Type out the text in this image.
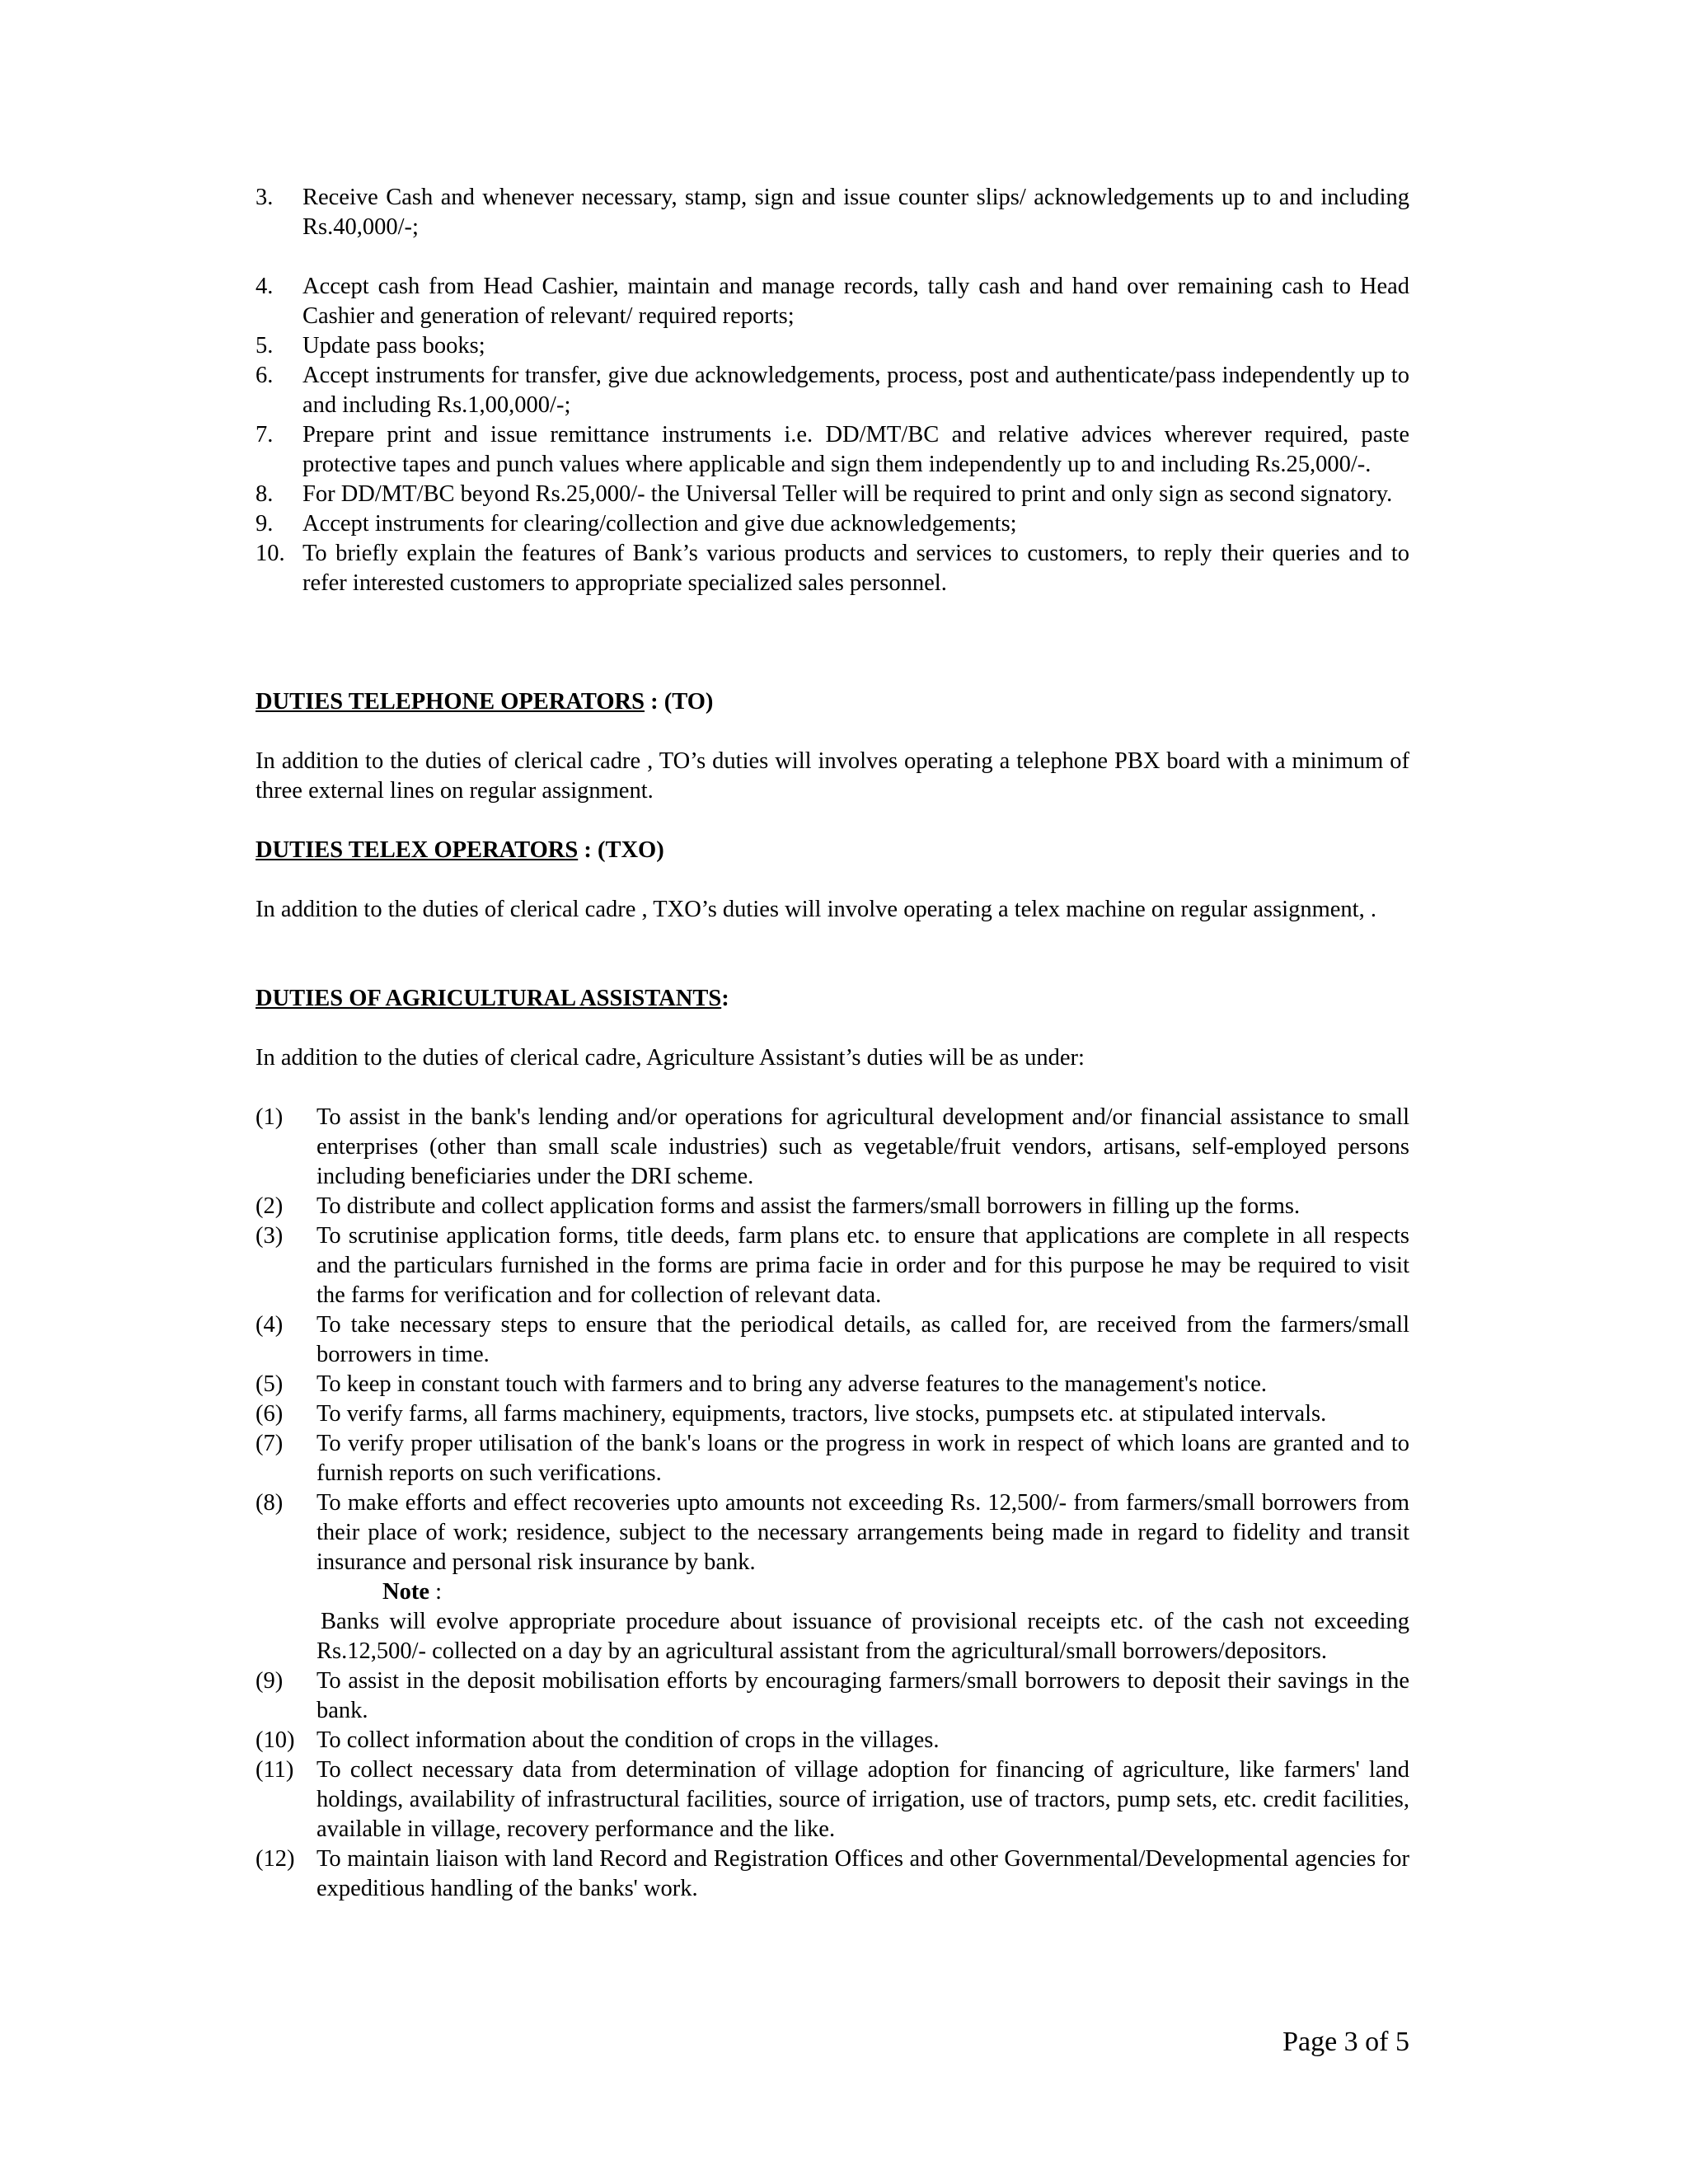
3. Receive Cash and whenever necessary, stamp, sign and issue counter slips/ acknowledgements up to and including Rs.40,000/-;
4. Accept cash from Head Cashier, maintain and manage records, tally cash and hand over remaining cash to Head Cashier and generation of relevant/ required reports;
5. Update pass books;
6. Accept instruments for transfer, give due acknowledgements, process, post and authenticate/pass independently up to and including Rs.1,00,000/-;
7. Prepare print and issue remittance instruments i.e. DD/MT/BC and relative advices wherever required, paste protective tapes and punch values where applicable and sign them independently up to and including Rs.25,000/-.
8. For DD/MT/BC beyond Rs.25,000/- the Universal Teller will be required to print and only sign as second signatory.
9. Accept instruments for clearing/collection and give due acknowledgements;
10. To briefly explain the features of Bank’s various products and services to customers, to reply their queries and to refer interested customers to appropriate specialized sales personnel.
DUTIES TELEPHONE OPERATORS : (TO)
In addition to the duties of clerical cadre , TO’s duties will involves operating a telephone PBX board with a minimum of three external lines on regular assignment.
DUTIES TELEX OPERATORS : (TXO)
In addition to the duties of clerical cadre , TXO’s duties will involve operating a telex machine on regular assignment, .
DUTIES OF AGRICULTURAL ASSISTANTS:
In addition to the duties of clerical cadre, Agriculture Assistant’s duties will be as under:
(1) To assist in the bank's lending and/or operations for agricultural development and/or financial assistance to small enterprises (other than small scale industries) such as vegetable/fruit vendors, artisans, self-employed persons including beneficiaries under the DRI scheme.
(2) To distribute and collect application forms and assist the farmers/small borrowers in filling up the forms.
(3) To scrutinise application forms, title deeds, farm plans etc. to ensure that applications are complete in all respects and the particulars furnished in the forms are prima facie in order and for this purpose he may be required to visit the farms for verification and for collection of relevant data.
(4) To take necessary steps to ensure that the periodical details, as called for, are received from the farmers/small borrowers in time.
(5) To keep in constant touch with farmers and to bring any adverse features to the management's notice.
(6) To verify farms, all farms machinery, equipments, tractors, live stocks, pumpsets etc. at stipulated intervals.
(7) To verify proper utilisation of the bank's loans or the progress in work in respect of which loans are granted and to furnish reports on such verifications.
(8) To make efforts and effect recoveries upto amounts not exceeding Rs. 12,500/- from farmers/small borrowers from their place of work; residence, subject to the necessary arrangements being made in regard to fidelity and transit insurance and personal risk insurance by bank.
Note :
Banks will evolve appropriate procedure about issuance of provisional receipts etc. of the cash not exceeding Rs.12,500/- collected on a day by an agricultural assistant from the agricultural/small borrowers/depositors.
(9) To assist in the deposit mobilisation efforts by encouraging farmers/small borrowers to deposit their savings in the bank.
(10) To collect information about the condition of crops in the villages.
(11) To collect necessary data from determination of village adoption for financing of agriculture, like farmers' land holdings, availability of infrastructural facilities, source of irrigation, use of tractors, pump sets, etc. credit facilities, available in village, recovery performance and the like.
(12) To maintain liaison with land Record and Registration Offices and other Governmental/Developmental agencies for expeditious handling of the banks' work.
Page 3 of 5
